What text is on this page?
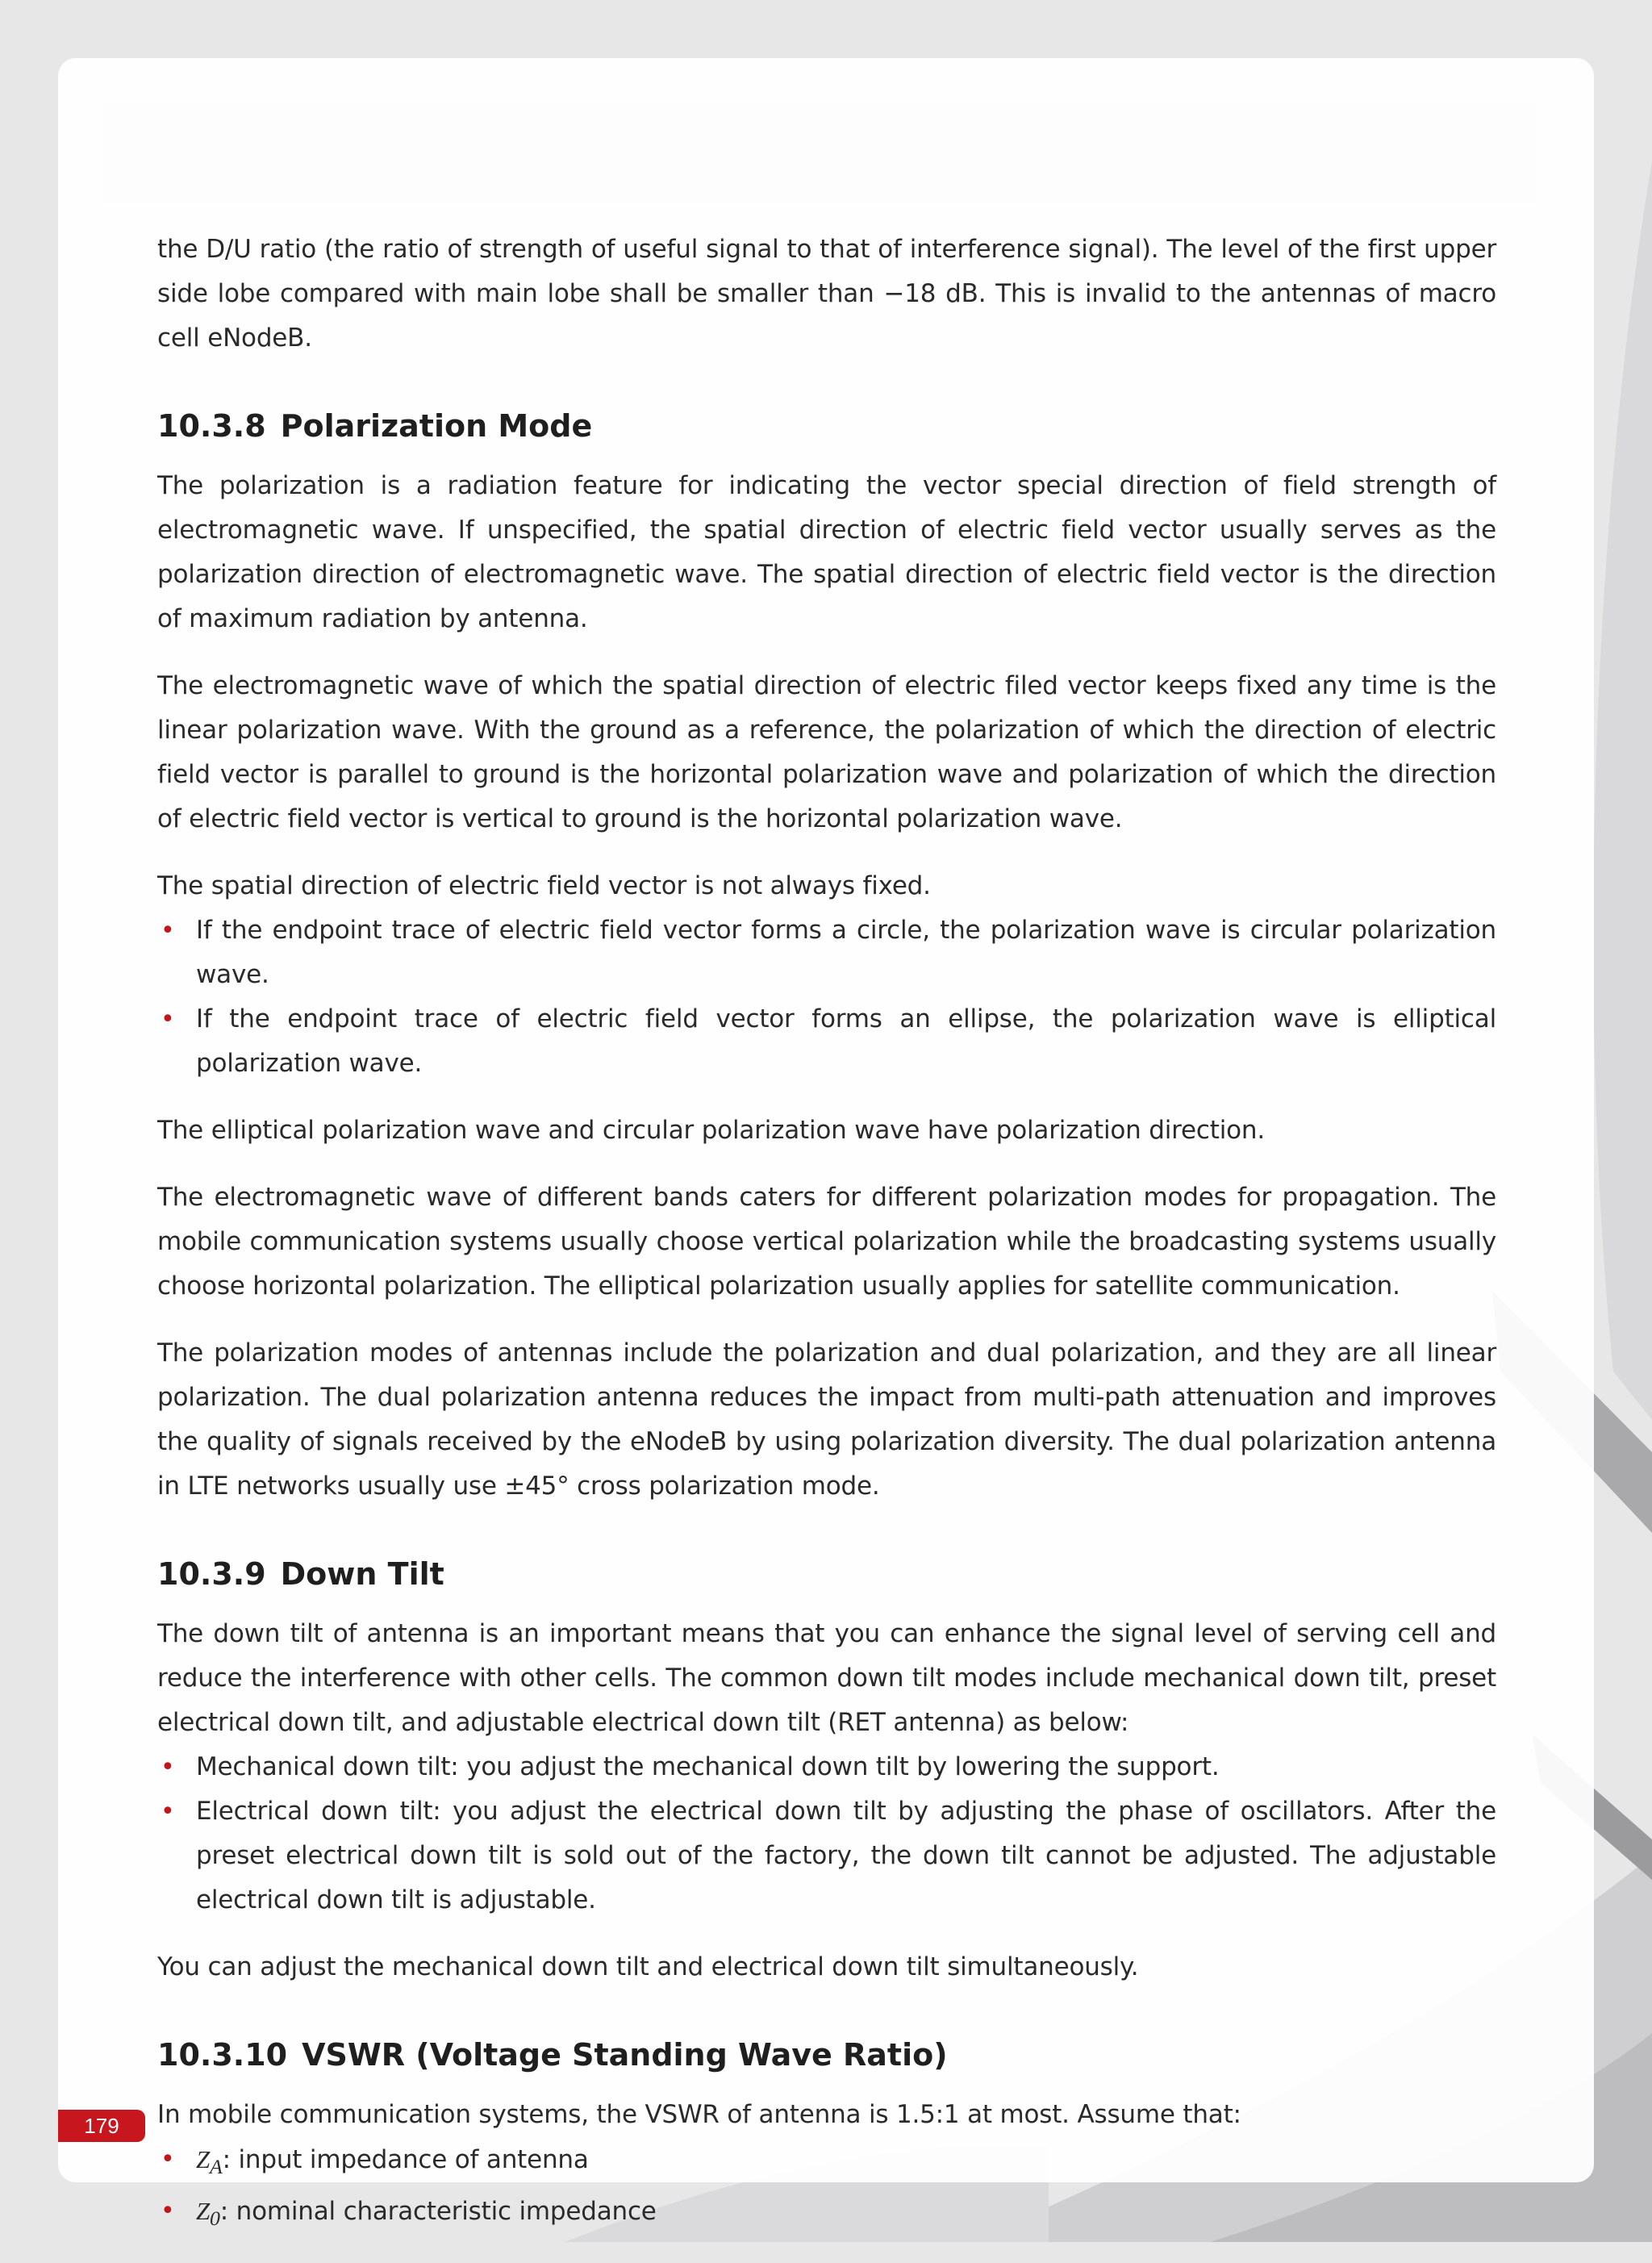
the D/U ratio (the ratio of strength of useful signal to that of interference signal). The level of the first upper side lobe compared with main lobe shall be smaller than −18 dB. This is invalid to the antennas of macro cell eNodeB.

10.3.8 Polarization Mode

The polarization is a radiation feature for indicating the vector special direction of field strength of electromagnetic wave. If unspecified, the spatial direction of electric field vector usually serves as the polarization direction of electromagnetic wave. The spatial direction of electric field vector is the direction of maximum radiation by antenna.

The electromagnetic wave of which the spatial direction of electric filed vector keeps fixed any time is the linear polarization wave. With the ground as a reference, the polarization of which the direction of electric field vector is parallel to ground is the horizontal polarization wave and polarization of which the direction of electric field vector is vertical to ground is the horizontal polarization wave.

The spatial direction of electric field vector is not always fixed.

• If the endpoint trace of electric field vector forms a circle, the polarization wave is circular polarization wave.
• If the endpoint trace of electric field vector forms an ellipse, the polarization wave is elliptical polarization wave.

The elliptical polarization wave and circular polarization wave have polarization direction.

The electromagnetic wave of different bands caters for different polarization modes for propagation. The mobile communication systems usually choose vertical polarization while the broadcasting systems usually choose horizontal polarization. The elliptical polarization usually applies for satellite communication.

The polarization modes of antennas include the polarization and dual polarization, and they are all linear polarization. The dual polarization antenna reduces the impact from multi-path attenuation and improves the quality of signals received by the eNodeB by using polarization diversity. The dual polarization antenna in LTE networks usually use ±45° cross polarization mode.

10.3.9 Down Tilt

The down tilt of antenna is an important means that you can enhance the signal level of serving cell and reduce the interference with other cells. The common down tilt modes include mechanical down tilt, preset electrical down tilt, and adjustable electrical down tilt (RET antenna) as below:

• Mechanical down tilt: you adjust the mechanical down tilt by lowering the support.
• Electrical down tilt: you adjust the electrical down tilt by adjusting the phase of oscillators. After the preset electrical down tilt is sold out of the factory, the down tilt cannot be adjusted. The adjustable electrical down tilt is adjustable.

You can adjust the mechanical down tilt and electrical down tilt simultaneously.

10.3.10 VSWR (Voltage Standing Wave Ratio)

In mobile communication systems, the VSWR of antenna is 1.5:1 at most. Assume that:

• $Z_A$: input impedance of antenna
• $Z_0$: nominal characteristic impedance
179
